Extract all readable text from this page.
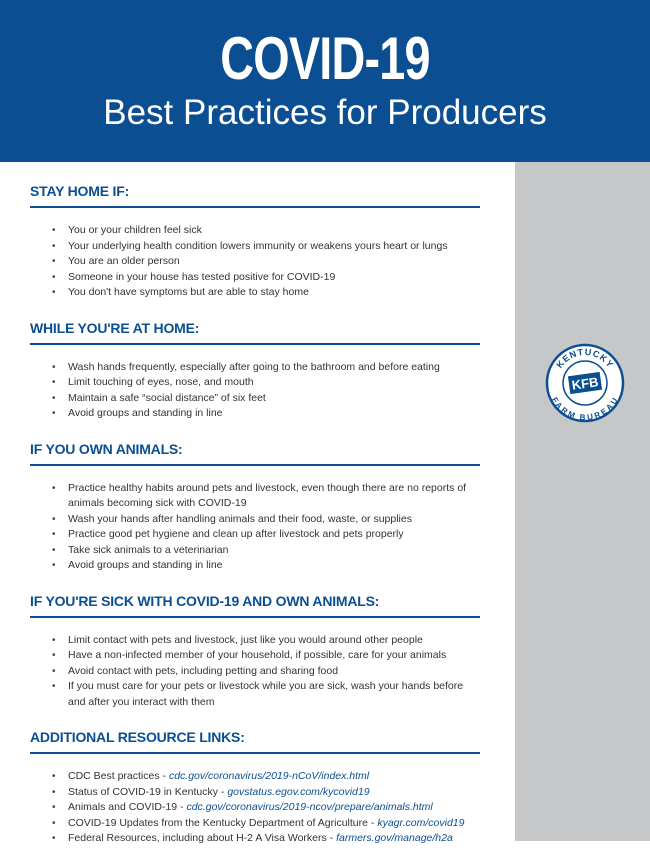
COVID-19
Best Practices for Producers
KENTUCKY
FARM BUREAU
KFB
STAY HOME IF:
• You or your children feel sick
• Your underlying health condition lowers immunity or weakens yours heart or lungs
• You are an older person
• Someone in your house has tested positive for COVID-19
• You don't have symptoms but are able to stay home
WHILE YOU'RE AT HOME:
• Wash hands frequently, especially after going to the bathroom and before eating
• Limit touching of eyes, nose, and mouth
• Maintain a safe “social distance” of six feet
• Avoid groups and standing in line
IF YOU OWN ANIMALS:
• Practice healthy habits around pets and livestock, even though there are no reports of animals becoming sick with COVID-19
• Wash your hands after handling animals and their food, waste, or supplies
• Practice good pet hygiene and clean up after livestock and pets properly
• Take sick animals to a veterinarian
• Avoid groups and standing in line
IF YOU'RE SICK WITH COVID-19 AND OWN ANIMALS:
• Limit contact with pets and livestock, just like you would around other people
• Have a non-infected member of your household, if possible, care for your animals
• Avoid contact with pets, including petting and sharing food
• If you must care for your pets or livestock while you are sick, wash your hands before and after you interact with them
ADDITIONAL RESOURCE LINKS:
• CDC Best practices - cdc.gov/coronavirus/2019-nCoV/index.html
• Status of COVID-19 in Kentucky - govstatus.egov.com/kycovid19
• Animals and COVID-19 - cdc.gov/coronavirus/2019-ncov/prepare/animals.html
• COVID-19 Updates from the Kentucky Department of Agriculture - kyagr.com/covid19
• Federal Resources, including about H-2 A Visa Workers - farmers.gov/manage/h2a
